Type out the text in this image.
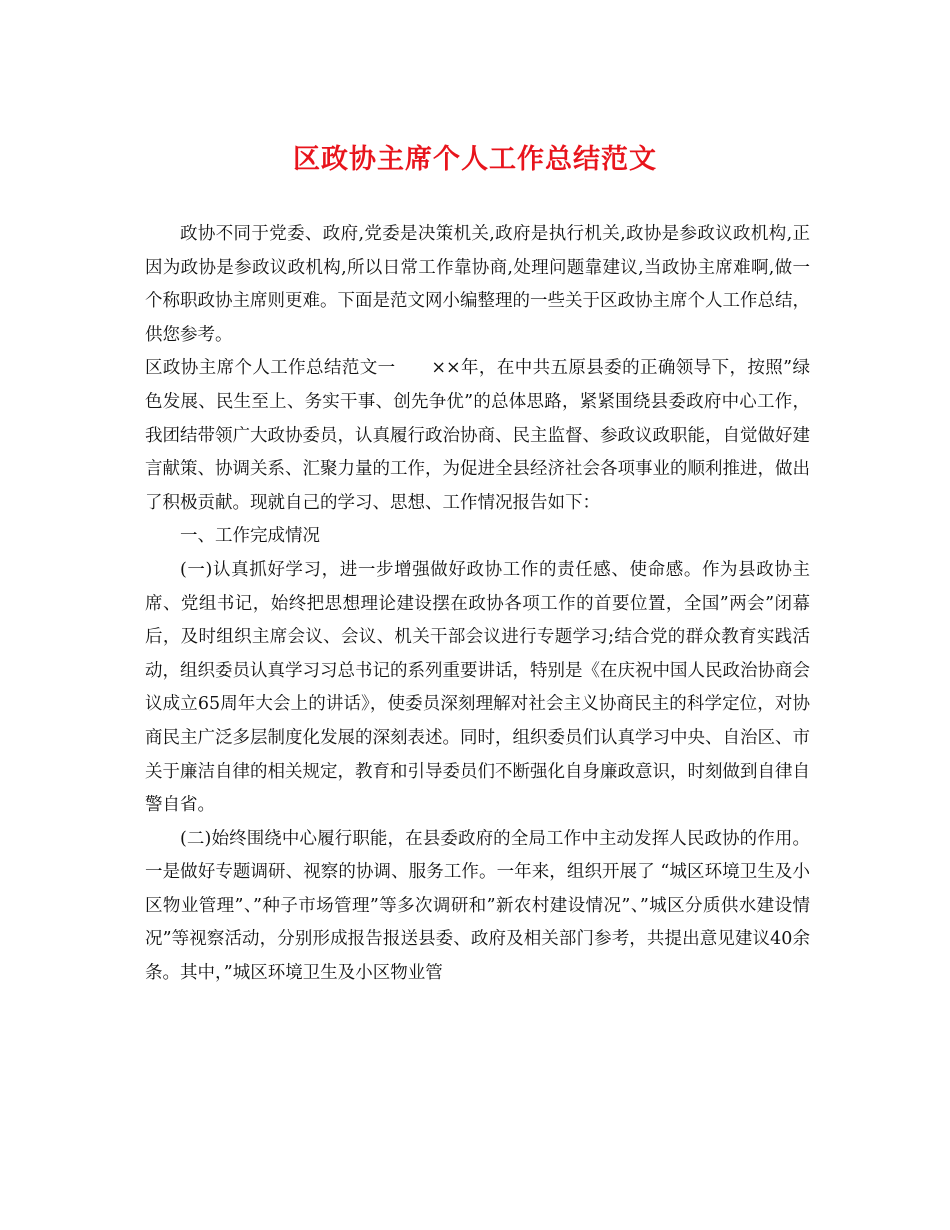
区政协主席个人工作总结范文

政协不同于党委、政府,党委是决策机关,政府是执行机关,政协是参政议政机构,正因为政协是参政议政机构,所以日常工作靠协商,处理问题靠建议,当政协主席难啊,做一个称职政协主席则更难。下面是范文网小编整理的一些关于区政协主席个人工作总结，供您参考。

区政协主席个人工作总结范文一　　××年，在中共五原县委的正确领导下，按照”绿色发展、民生至上、务实干事、创先争优”的总体思路，紧紧围绕县委政府中心工作，我团结带领广大政协委员，认真履行政治协商、民主监督、参政议政职能，自觉做好建言献策、协调关系、汇聚力量的工作，为促进全县经济社会各项事业的顺利推进，做出了积极贡献。现就自己的学习、思想、工作情况报告如下：

一、工作完成情况

(一)认真抓好学习，进一步增强做好政协工作的责任感、使命感。作为县政协主席、党组书记，始终把思想理论建设摆在政协各项工作的首要位置，全国”两会”闭幕后，及时组织主席会议、会议、机关干部会议进行专题学习;结合党的群众教育实践活动，组织委员认真学习习总书记的系列重要讲话，特别是《在庆祝中国人民政治协商会议成立65周年大会上的讲话》，使委员深刻理解对社会主义协商民主的科学定位，对协商民主广泛多层制度化发展的深刻表述。同时，组织委员们认真学习中央、自治区、市关于廉洁自律的相关规定，教育和引导委员们不断强化自身廉政意识，时刻做到自律自警自省。

(二)始终围绕中心履行职能，在县委政府的全局工作中主动发挥人民政协的作用。一是做好专题调研、视察的协调、服务工作。一年来，组织开展了 “城区环境卫生及小区物业管理”、”种子市场管理”等多次调研和”新农村建设情况”、”城区分质供水建设情况”等视察活动，分别形成报告报送县委、政府及相关部门参考，共提出意见建议40余条。其中，”城区环境卫生及小区物业管
